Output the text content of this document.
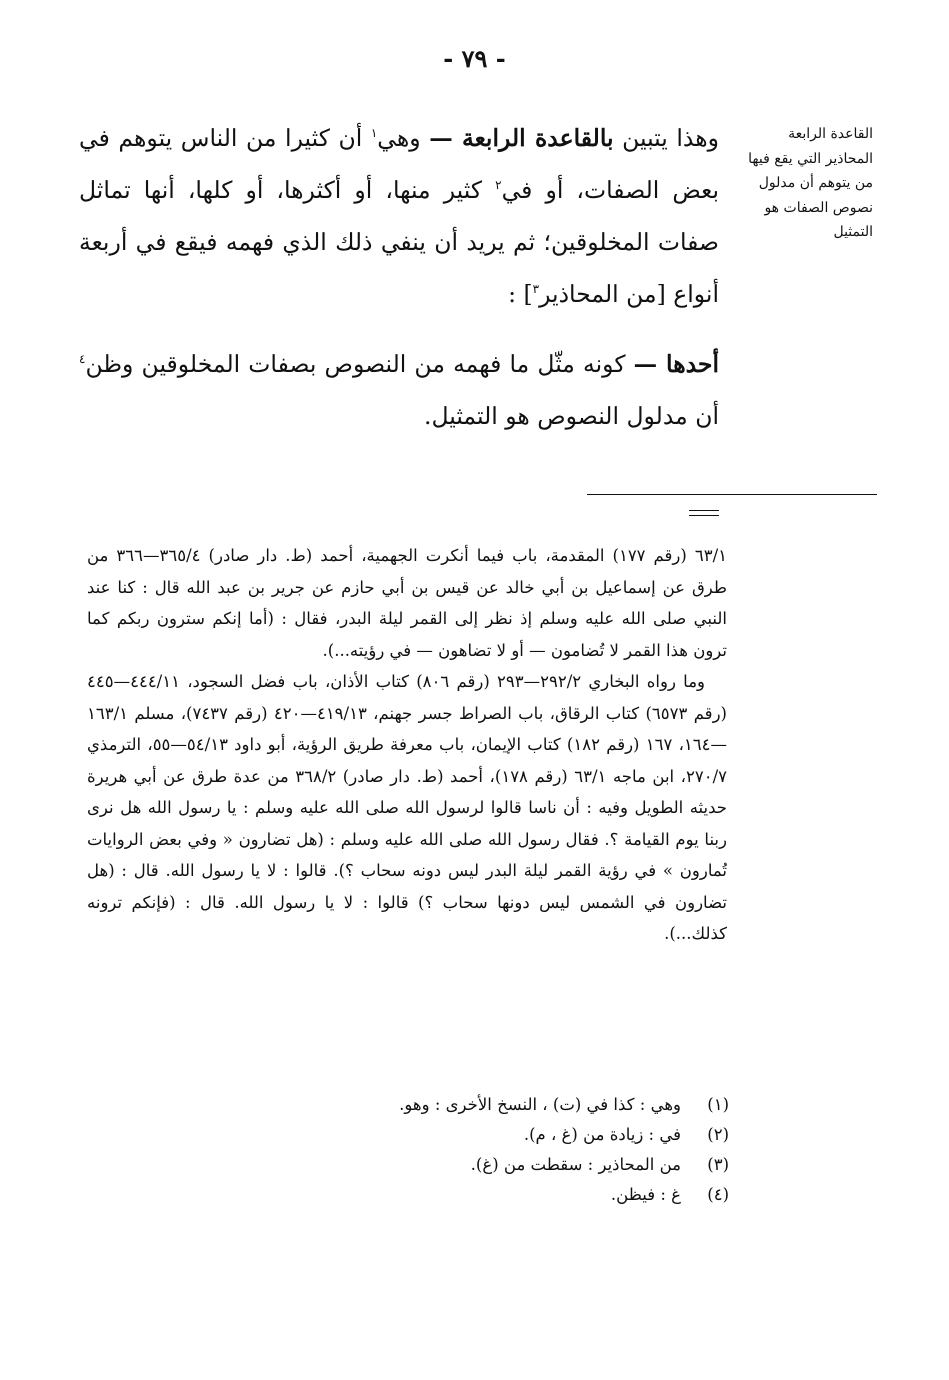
- ٧٩ -
القاعدة الرابعة
المحاذير التي يقع فيها من يتوهم أن مدلول نصوص الصفات هو التمثيل

وهذا يتبين بالقاعدة الرابعة — وهي$^١$ أن كثيرا من الناس يتوهم في بعض الصفات، أو في$^٢$ كثير منها، أو أكثرها، أو كلها، أنها تماثل صفات المخلوقين؛ ثم يريد أن ينفي ذلك الذي فهمه فيقع في أربعة أنواع [من المحاذير$^٣$] :

أحدها — كونه مثّل ما فهمه من النصوص بصفات المخلوقين وظن$^٤$ أن مدلول النصوص هو التمثيل.

٦٣/١ (رقم ١٧٧) المقدمة، باب فيما أنكرت الجهمية، أحمد (ط. دار صادر) ٣٦٥/٤—٣٦٦ من طرق عن إسماعيل بن أبي خالد عن قيس بن أبي حازم عن جرير بن عبد الله قال : كنا عند النبي صلى الله عليه وسلم إذ نظر إلى القمر ليلة البدر، فقال : (أما إنكم سترون ربكم كما ترون هذا القمر لا تُضامون — أو لا تضاهون — في رؤيته...).

وما رواه البخاري ٢٩٢/٢—٢٩٣ (رقم ٨٠٦) كتاب الأذان، باب فضل السجود، ٤٤٤/١١—٤٤٥ (رقم ٦٥٧٣) كتاب الرقاق، باب الصراط جسر جهنم، ٤١٩/١٣—٤٢٠ (رقم ٧٤٣٧)، مسلم ١٦٣/١—١٦٤، ١٦٧ (رقم ١٨٢) كتاب الإيمان، باب معرفة طريق الرؤية، أبو داود ٥٤/١٣—٥٥، الترمذي ٢٧٠/٧، ابن ماجه ٦٣/١ (رقم ١٧٨)، أحمد (ط. دار صادر) ٣٦٨/٢ من عدة طرق عن أبي هريرة حديثه الطويل وفيه : أن ناسا قالوا لرسول الله صلى الله عليه وسلم : يا رسول الله هل نرى ربنا يوم القيامة ؟. فقال رسول الله صلى الله عليه وسلم : (هل تضارون « وفي بعض الروايات تُمارون » في رؤية القمر ليلة البدر ليس دونه سحاب ؟). قالوا : لا يا رسول الله. قال : (هل تضارون في الشمس ليس دونها سحاب ؟) قالوا : لا يا رسول الله. قال : (فإنكم ترونه كذلك...).

(١)
وهي : كذا في (ت) ، النسخ الأخرى : وهو.
(٢)
في : زيادة من (غ ، م).
(٣)
من المحاذير : سقطت من (غ).
(٤)
غ : فيظن.
